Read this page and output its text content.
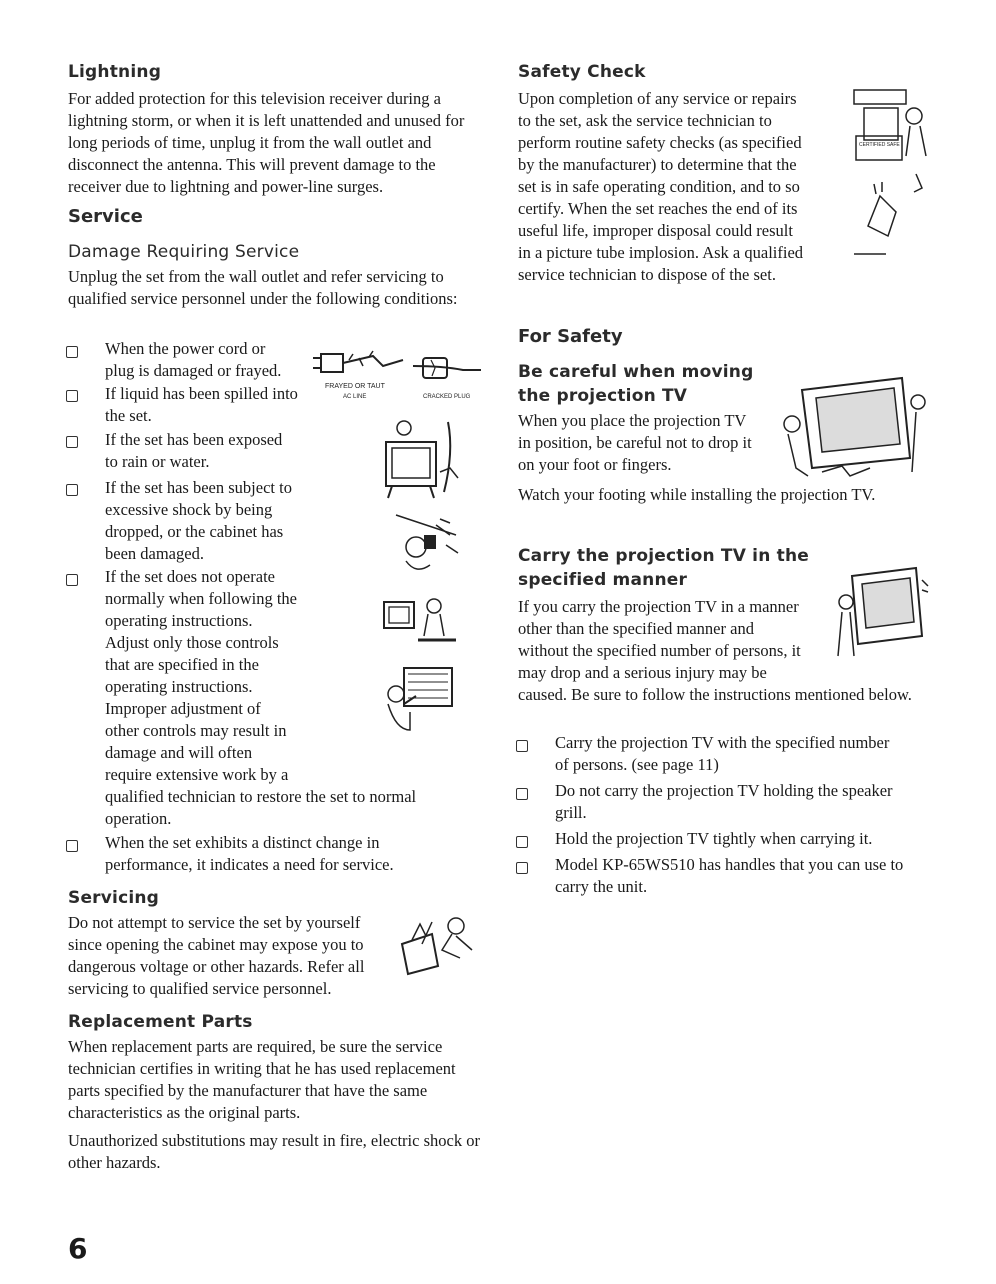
Lightning

For added protection for this television receiver during a lightning storm, or when it is left unattended and unused for long periods of time, unplug it from the wall outlet and disconnect the antenna. This will prevent damage to the receiver due to lightning and power-line surges.

Service
Damage Requiring Service

Unplug the set from the wall outlet and refer servicing to qualified service personnel under the following conditions:

When the power cord or
plug is damaged or frayed.
If liquid has been spilled into
the set.
If the set has been exposed
to rain or water.
If the set has been subject to
excessive shock by being
dropped, or the cabinet has
been damaged.
If the set does not operate
normally when following the
operating instructions.
Adjust only those controls
that are specified in the
operating instructions.
Improper adjustment of
other controls may result in
damage and will often
require extensive work by a
qualified technician to restore the set to normal
operation.
When the set exhibits a distinct change in
performance, it indicates a need for service.
FRAYED OR TAUT
AC LINE	CRACKED PLUG
Servicing
Do not attempt to service the set by yourself
since opening the cabinet may expose you to
dangerous voltage or other hazards. Refer all
servicing to qualified service personnel.
Replacement Parts

When replacement parts are required, be sure the service technician certifies in writing that he has used replacement parts specified by the manufacturer that have the same characteristics as the original parts.

Unauthorized substitutions may result in fire, electric shock or other hazards.

Safety Check
Upon completion of any service or repairs
to the set, ask the service technician to
perform routine safety checks (as specified
by the manufacturer) to determine that the
set is in safe operating condition, and to so
certify. When the set reaches the end of its
useful life, improper disposal could result
in a picture tube implosion. Ask a qualified
service technician to dispose of the set.
CERTIFIED SAFE
For Safety
Be careful when moving
the projection TV
When you place the projection TV
in position, be careful not to drop it
on your foot or fingers.

Watch your footing while installing the projection TV.

Carry the projection TV in the
specified manner
If you carry the projection TV in a manner
other than the specified manner and
without the specified number of persons, it
may drop and a serious injury may be

caused. Be sure to follow the instructions mentioned below.

Carry the projection TV with the specified number
of persons. (see page 11)
Do not carry the projection TV holding the speaker
grill.
Hold the projection TV tightly when carrying it.
Model KP-65WS510 has handles that you can use to
carry the unit.
6
